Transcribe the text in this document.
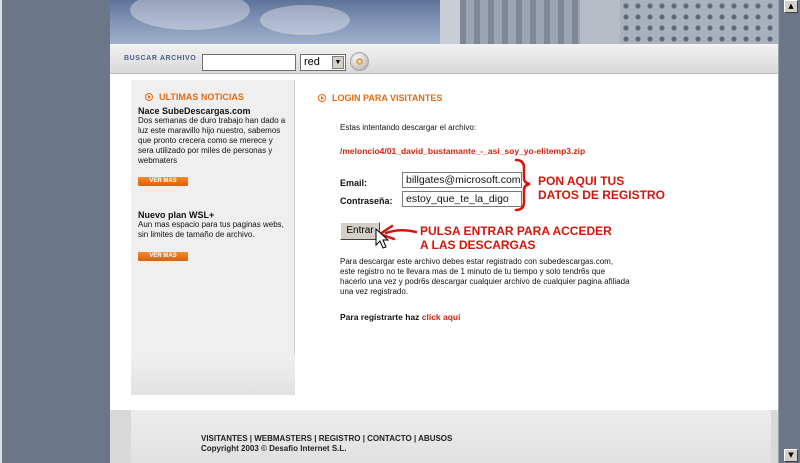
BUSCAR ARCHIVO	red	▼
ULTIMAS NOTICIAS
Nace SubeDescargas.com
Dos semanas de duro trabajo han dado a luz este maravillo hijo nuestro, sabemos que pronto crecera como se merece y sera utilizado por miles de personas y webmaters
VER MAS
Nuevo plan WSL+
Aun mas espacio para tus paginas webs, sin limites de tamaño de archivo.
VER MAS
LOGIN PARA VISITANTES
Estas intentando descargar el archivo:
/meloncio4/01_david_bustamante_-_asi_soy_yo-elitemp3.zip
Email:	billgates@microsoft.com
Contraseña:	estoy_que_te_la_digo
Entrar
Para descargar este archivo debes estar registrado con subedescargas.com, este registro no te llevara mas de 1 minuto de tu tiempo y solo tendr6s que hacerlo una vez y podr6s descargar cualquier archivo de cualquier pagina afiliada una vez registrado.
Para registrarte haz click aqui
PON AQUI TUS
DATOS DE REGISTRO
PULSA ENTRAR PARA ACCEDER
A LAS DESCARGAS
VISITANTES | WEBMASTERS | REGISTRO | CONTACTO | ABUSOS
Copyright 2003 © Desafio Internet S.L.
▲
▼
